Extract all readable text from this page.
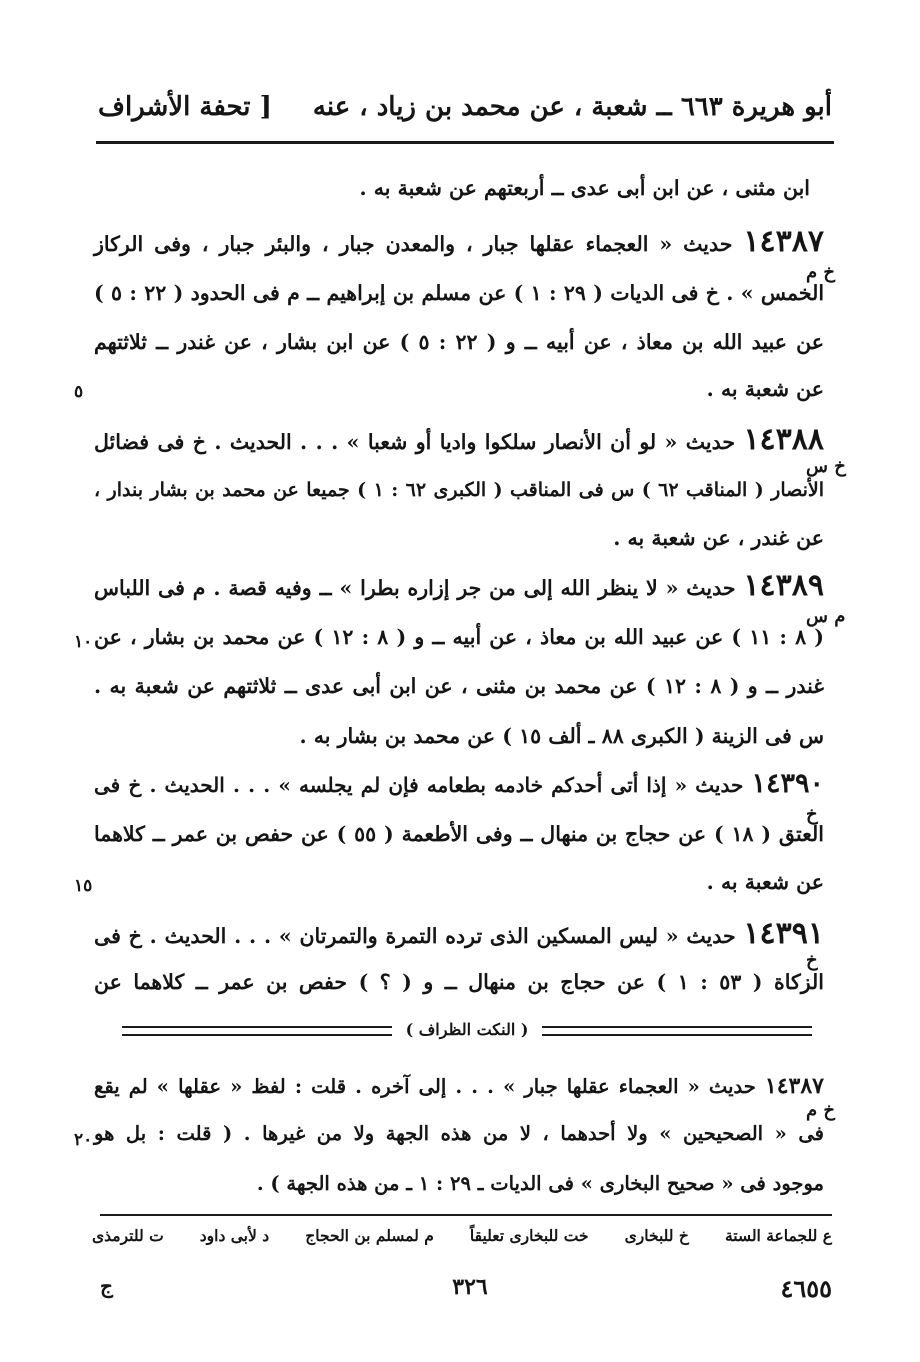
أبو هريرة ٦٦٣ ــ شعبة ، عن محمد بن زياد ، عنه
[ تحفة الأشراف
ابن مثنى ، عن ابن أبى عدى ــ أربعتهم عن شعبة به .
١٤٣٨٧ حديث « العجماء عقلها جبار ، والمعدن جبار ، والبئر جبار ، وفى الركاز
خ م
الخمس » . خ فى الديات ( ٢٩ : ١ ) عن مسلم بن إبراهيم ــ م فى الحدود ( ٢٢ : ٥ )
عن عبيد الله بن معاذ ، عن أبيه ــ و ( ٢٢ : ٥ ) عن ابن بشار ، عن غندر ــ ثلاثتهم
عن شعبة به .
٥
١٤٣٨٨ حديث « لو أن الأنصار سلكوا واديا أو شعبا » . . . الحديث . خ فى فضائل
خ س
الأنصار ( المناقب ٦٢ ) س فى المناقب ( الكبرى ٦٢ : ١ ) جميعا عن محمد بن بشار بندار ،
عن غندر ، عن شعبة به .
١٤٣٨٩ حديث « لا ينظر الله إلى من جر إزاره بطرا » ــ وفيه قصة . م فى اللباس
م س
( ٨ : ١١ ) عن عبيد الله بن معاذ ، عن أبيه ــ و ( ٨ : ١٢ ) عن محمد بن بشار ، عن
١٠
غندر ــ و ( ٨ : ١٢ ) عن محمد بن مثنى ، عن ابن أبى عدى ــ ثلاثتهم عن شعبة به .
س فى الزينة ( الكبرى ٨٨ ـ ألف ١٥ ) عن محمد بن بشار به .
١٤٣٩٠ حديث « إذا أتى أحدكم خادمه بطعامه فإن لم يجلسه » . . . الحديث . خ فى
خ
العتق ( ١٨ ) عن حجاج بن منهال ــ وفى الأطعمة ( ٥٥ ) عن حفص بن عمر ــ كلاهما
عن شعبة به .
١٥
١٤٣٩١ حديث « ليس المسكين الذى ترده التمرة والتمرتان » . . . الحديث . خ فى
خ
الزكاة ( ٥٣ : ١ ) عن حجاج بن منهال ــ و ( ؟ ) حفص بن عمر ــ كلاهما عن
( النكت الظراف )
١٤٣٨٧ حديث « العجماء عقلها جبار » . . . إلى آخره . قلت : لفظ « عقلها » لم يقع
خ م
فى « الصحيحين » ولا أحدهما ، لا من هذه الجهة ولا من غيرها . ( قلت : بل هو
٢٠
موجود فى « صحيح البخارى » فى الديات ـ ٢٩ : ١ ـ من هذه الجهة ) .
ع للجماعة الستة
خ للبخارى
خت للبخارى تعليقاً
م لمسلم بن الحجاج
د لأبى داود
ت للترمذى
ج	٣٢٦	٤٦٥٥
